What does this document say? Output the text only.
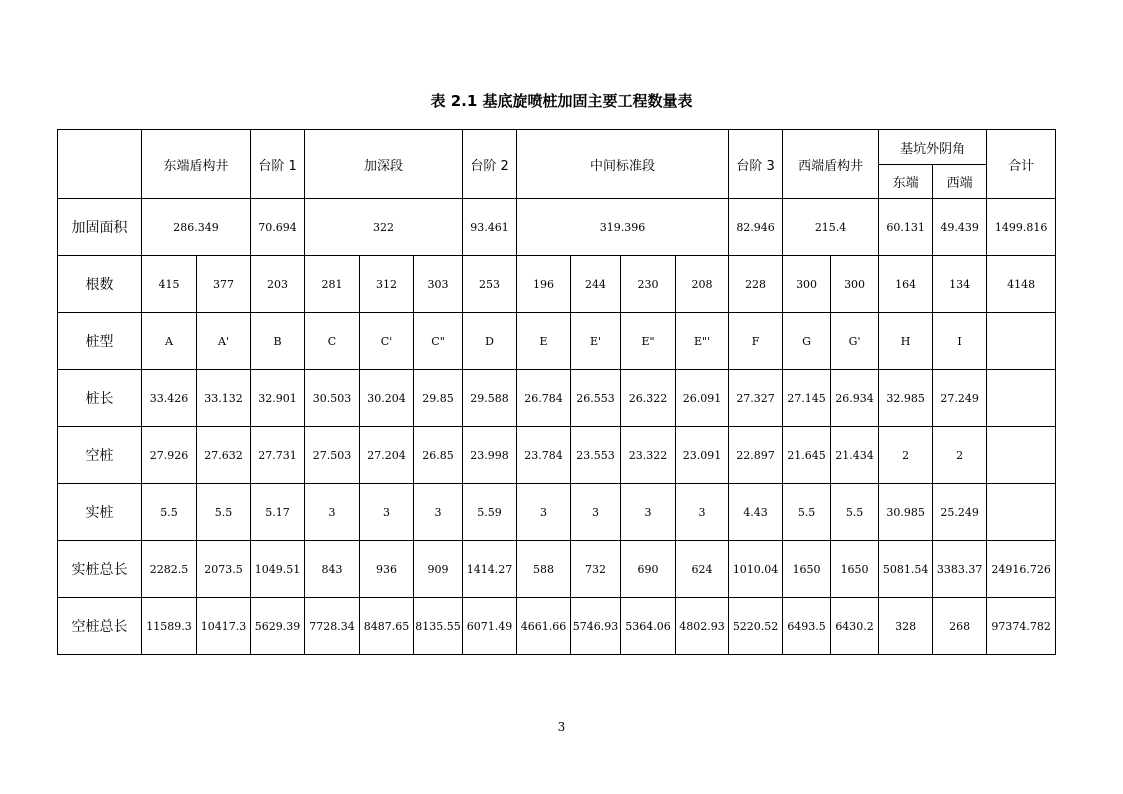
表 2.1 基底旋喷桩加固主要工程数量表
	东端盾构井		台阶 1	加深段			台阶 2	中间标准段				台阶 3	西端盾构井		基坑外阴角		合计
															东端	西端	
加固面积	286.349		70.694	322			93.461	319.396				82.946	215.4		60.131	49.439	1499.816
根数	415	377	203	281	312	303	253	196	244	230	208	228	300	300	164	134	4148
桩型	A	A'	B	C	C'	C"	D	E	E'	E"	E"'	F	G	G'	H	I	
桩长	33.426	33.132	32.901	30.503	30.204	29.85	29.588	26.784	26.553	26.322	26.091	27.327	27.145	26.934	32.985	27.249	
空桩	27.926	27.632	27.731	27.503	27.204	26.85	23.998	23.784	23.553	23.322	23.091	22.897	21.645	21.434	2	2	
实桩	5.5	5.5	5.17	3	3	3	5.59	3	3	3	3	4.43	5.5	5.5	30.985	25.249	
实桩总长	2282.5	2073.5	1049.51	843	936	909	1414.27	588	732	690	624	1010.04	1650	1650	5081.54	3383.37	24916.726
空桩总长	11589.3	10417.3	5629.39	7728.34	8487.65	8135.55	6071.49	4661.66	5746.93	5364.06	4802.93	5220.52	6493.5	6430.2	328	268	97374.782
3
